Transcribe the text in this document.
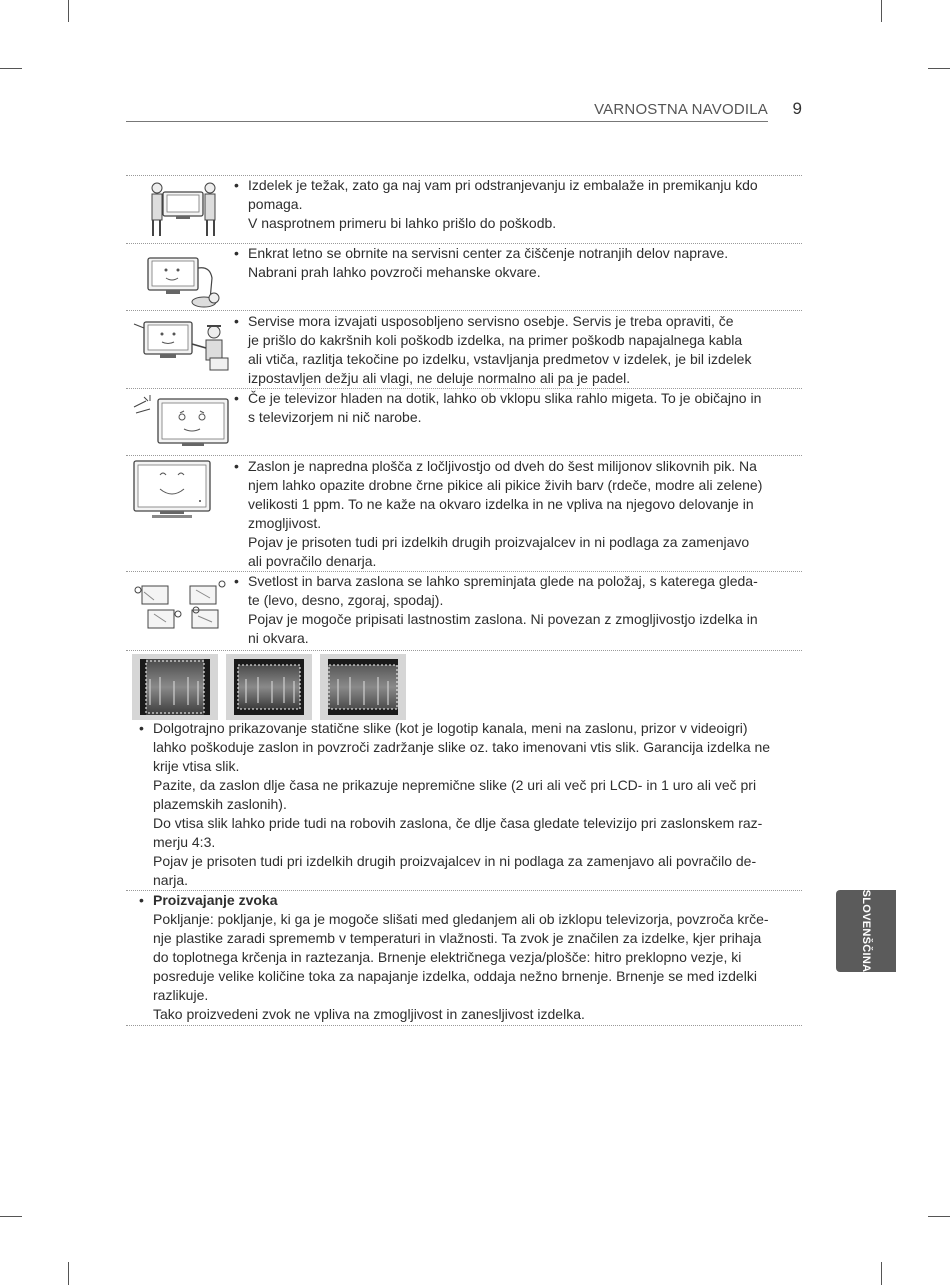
VARNOSTNA NAVODILA 9
• Izdelek je težak, zato ga naj vam pri odstranjevanju iz embalaže in premikanju kdo
pomaga.
V nasprotnem primeru bi lahko prišlo do poškodb.
• Enkrat letno se obrnite na servisni center za čiščenje notranjih delov naprave.
Nabrani prah lahko povzroči mehanske okvare.
• Servise mora izvajati usposobljeno servisno osebje. Servis je treba opraviti, če
je prišlo do kakršnih koli poškodb izdelka, na primer poškodb napajalnega kabla
ali vtiča, razlitja tekočine po izdelku, vstavljanja predmetov v izdelek, je bil izdelek
izpostavljen dežju ali vlagi, ne deluje normalno ali pa je padel.
• Če je televizor hladen na dotik, lahko ob vklopu slika rahlo migeta. To je običajno in
s televizorjem ni nič narobe.
• Zaslon je napredna plošča z ločljivostjo od dveh do šest milijonov slikovnih pik. Na
njem lahko opazite drobne črne pikice ali pikice živih barv (rdeče, modre ali zelene)
velikosti 1 ppm. To ne kaže na okvaro izdelka in ne vpliva na njegovo delovanje in
zmogljivost.
Pojav je prisoten tudi pri izdelkih drugih proizvajalcev in ni podlaga za zamenjavo
ali povračilo denarja.
• Svetlost in barva zaslona se lahko spreminjata glede na položaj, s katerega gleda-
te (levo, desno, zgoraj, spodaj).
Pojav je mogoče pripisati lastnostim zaslona. Ni povezan z zmogljivostjo izdelka in
ni okvara.
• Dolgotrajno prikazovanje statične slike (kot je logotip kanala, meni na zaslonu, prizor v videoigri)
lahko poškoduje zaslon in povzroči zadržanje slike oz. tako imenovani vtis slik. Garancija izdelka ne
krije vtisa slik.
Pazite, da zaslon dlje časa ne prikazuje nepremične slike (2 uri ali več pri LCD- in 1 uro ali več pri
plazemskih zaslonih).
Do vtisa slik lahko pride tudi na robovih zaslona, če dlje časa gledate televizijo pri zaslonskem raz-
merju 4:3.
Pojav je prisoten tudi pri izdelkih drugih proizvajalcev in ni podlaga za zamenjavo ali povračilo de-
narja.
• Proizvajanje zvoka
Pokljanje: pokljanje, ki ga je mogoče slišati med gledanjem ali ob izklopu televizorja, povzroča krče-
nje plastike zaradi sprememb v temperaturi in vlažnosti. Ta zvok je značilen za izdelke, kjer prihaja
do toplotnega krčenja in raztezanja. Brnenje električnega vezja/plošče: hitro preklopno vezje, ki
posreduje velike količine toka za napajanje izdelka, oddaja nežno brnenje. Brnenje se med izdelki
razlikuje.
Tako proizvedeni zvok ne vpliva na zmogljivost in zanesljivost izdelka.
SLOVENŠČINA
